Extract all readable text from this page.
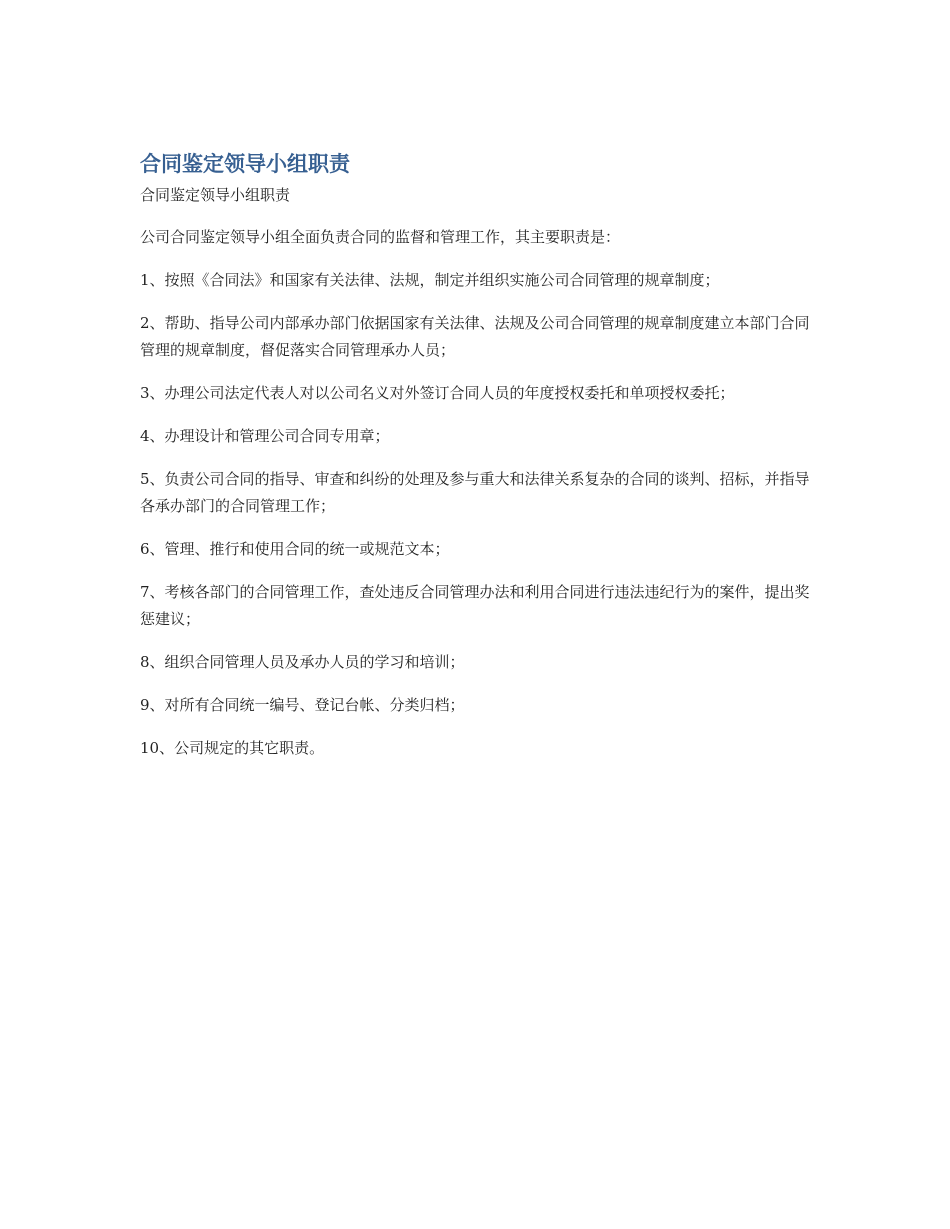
合同鉴定领导小组职责

合同鉴定领导小组职责

公司合同鉴定领导小组全面负责合同的监督和管理工作，其主要职责是：

1、按照《合同法》和国家有关法律、法规，制定并组织实施公司合同管理的规章制度；

2、帮助、指导公司内部承办部门依据国家有关法律、法规及公司合同管理的规章制度建立本部门合同管理的规章制度，督促落实合同管理承办人员；

3、办理公司法定代表人对以公司名义对外签订合同人员的年度授权委托和单项授权委托；

4、办理设计和管理公司合同专用章；

5、负责公司合同的指导、审查和纠纷的处理及参与重大和法律关系复杂的合同的谈判、招标，并指导各承办部门的合同管理工作；

6、管理、推行和使用合同的统一或规范文本；

7、考核各部门的合同管理工作，查处违反合同管理办法和利用合同进行违法违纪行为的案件，提出奖惩建议；

8、组织合同管理人员及承办人员的学习和培训；

9、对所有合同统一编号、登记台帐、分类归档；

10、公司规定的其它职责。
